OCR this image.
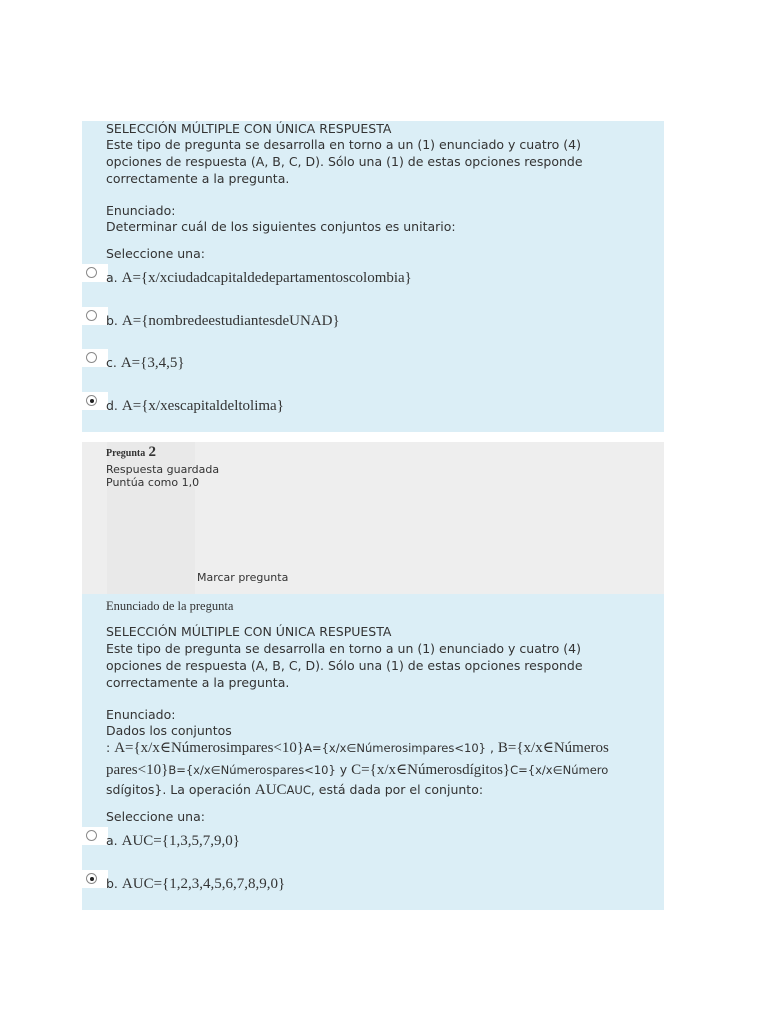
SELECCIÓN MÚLTIPLE CON ÚNICA RESPUESTA
Este tipo de pregunta se desarrolla en torno a un (1) enunciado y cuatro (4)
opciones de respuesta (A, B, C, D). Sólo una (1) de estas opciones responde
correctamente a la pregunta.
Enunciado:
Determinar cuál de los siguientes conjuntos es unitario:
Seleccione una:
a. A={x/xciudadcapitaldedepartamentoscolombia}
b. A={nombredeestudiantesdeUNAD}
c. A={3,4,5}
d. A={x/xescapitaldeltolima}
Pregunta 2
Respuesta guardada
Puntúa como 1,0
Marcar pregunta
Enunciado de la pregunta
SELECCIÓN MÚLTIPLE CON ÚNICA RESPUESTA
Este tipo de pregunta se desarrolla en torno a un (1) enunciado y cuatro (4)
opciones de respuesta (A, B, C, D). Sólo una (1) de estas opciones responde
correctamente a la pregunta.
Enunciado:
Dados los conjuntos
: A={x/x∈Númerosimpares<10}A={x/x∈Númerosimpares<10} , B={x/x∈Números
pares<10}B={x/x∈Númerospares<10} y C={x/x∈Númerosdígitos}C={x/x∈Número
sdígitos}. La operación AUCAUC, está dada por el conjunto:
Seleccione una:
a. AUC={1,3,5,7,9,0}
b. AUC={1,2,3,4,5,6,7,8,9,0}
